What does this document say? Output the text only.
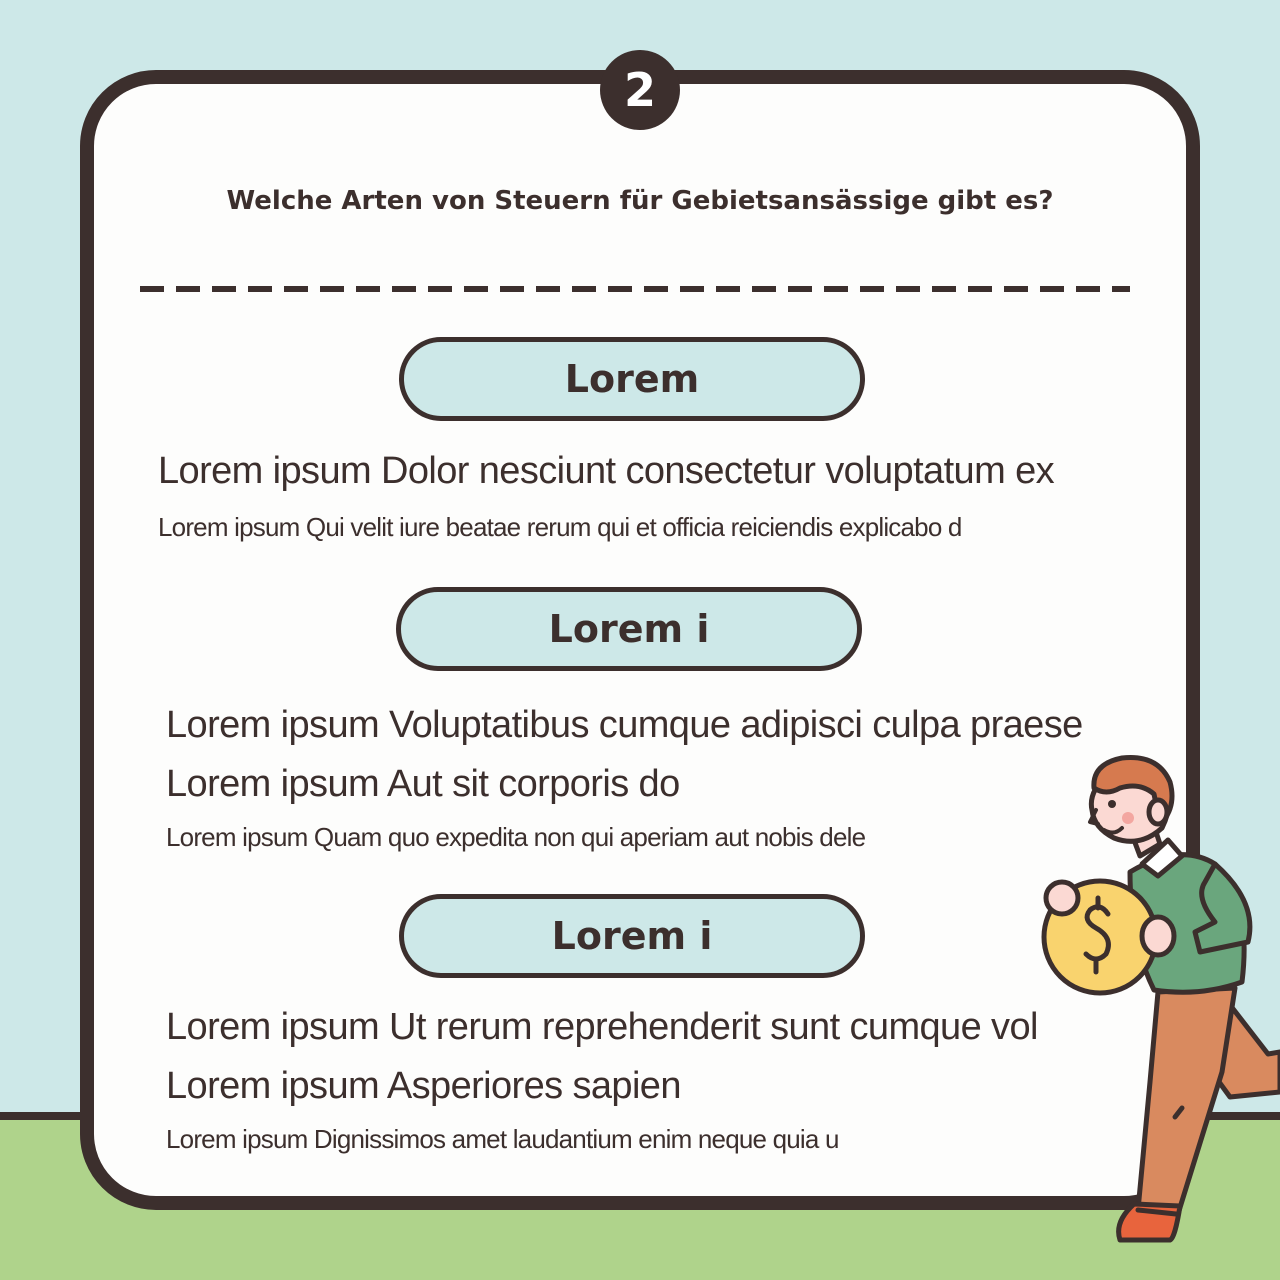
2
Welche Arten von Steuern für Gebietsansässige gibt es?
Lorem
Lorem ipsum Dolor nesciunt consectetur voluptatum ex
Lorem ipsum Qui velit iure beatae rerum qui et officia reiciendis explicabo d
Lorem i
Lorem ipsum Voluptatibus cumque adipisci culpa praese
Lorem ipsum Aut sit corporis do
Lorem ipsum Quam quo expedita non qui aperiam aut nobis dele
Lorem i
Lorem ipsum Ut rerum reprehenderit sunt cumque vol
Lorem ipsum Asperiores sapien
Lorem ipsum Dignissimos amet laudantium enim neque quia u
